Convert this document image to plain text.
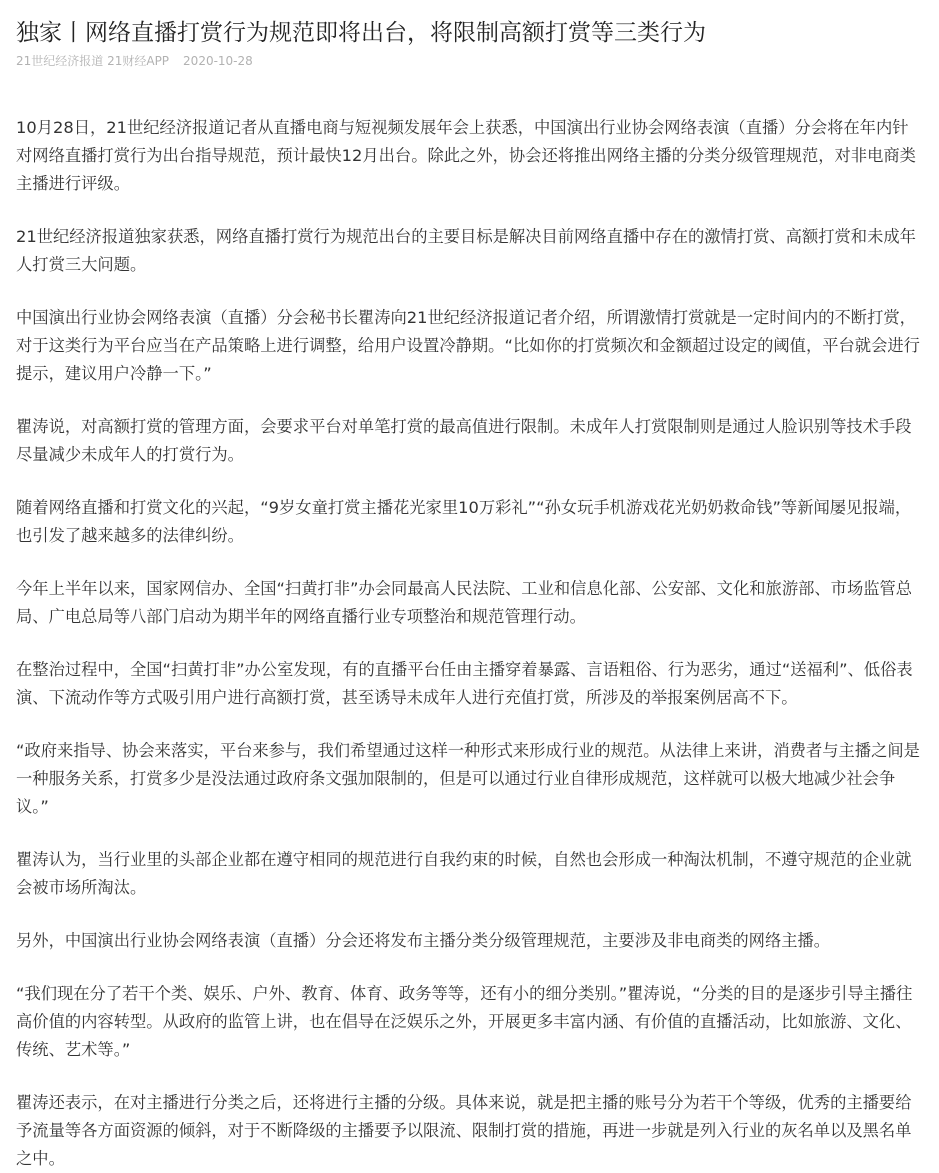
独家丨网络直播打赏行为规范即将出台，将限制高额打赏等三类行为
21世纪经济报道 21财经APP 2020-10-28

10月28日，21世纪经济报道记者从直播电商与短视频发展年会上获悉，中国演出行业协会网络表演（直播）分会将在年内针对网络直播打赏行为出台指导规范，预计最快12月出台。除此之外，协会还将推出网络主播的分类分级管理规范，对非电商类主播进行评级。

21世纪经济报道独家获悉，网络直播打赏行为规范出台的主要目标是解决目前网络直播中存在的激情打赏、高额打赏和未成年人打赏三大问题。

中国演出行业协会网络表演（直播）分会秘书长瞿涛向21世纪经济报道记者介绍，所谓激情打赏就是一定时间内的不断打赏，对于这类行为平台应当在产品策略上进行调整，给用户设置冷静期。“比如你的打赏频次和金额超过设定的阈值，平台就会进行提示，建议用户冷静一下。”

瞿涛说，对高额打赏的管理方面，会要求平台对单笔打赏的最高值进行限制。未成年人打赏限制则是通过人脸识别等技术手段尽量减少未成年人的打赏行为。

随着网络直播和打赏文化的兴起，“9岁女童打赏主播花光家里10万彩礼”“孙女玩手机游戏花光奶奶救命钱”等新闻屡见报端，也引发了越来越多的法律纠纷。

今年上半年以来，国家网信办、全国“扫黄打非”办会同最高人民法院、工业和信息化部、公安部、文化和旅游部、市场监管总局、广电总局等八部门启动为期半年的网络直播行业专项整治和规范管理行动。

在整治过程中，全国“扫黄打非”办公室发现，有的直播平台任由主播穿着暴露、言语粗俗、行为恶劣，通过“送福利”、低俗表演、下流动作等方式吸引用户进行高额打赏，甚至诱导未成年人进行充值打赏，所涉及的举报案例居高不下。

“政府来指导、协会来落实，平台来参与，我们希望通过这样一种形式来形成行业的规范。从法律上来讲，消费者与主播之间是一种服务关系，打赏多少是没法通过政府条文强加限制的，但是可以通过行业自律形成规范，这样就可以极大地减少社会争议。”

瞿涛认为，当行业里的头部企业都在遵守相同的规范进行自我约束的时候，自然也会形成一种淘汰机制，不遵守规范的企业就会被市场所淘汰。

另外，中国演出行业协会网络表演（直播）分会还将发布主播分类分级管理规范，主要涉及非电商类的网络主播。

“我们现在分了若干个类、娱乐、户外、教育、体育、政务等等，还有小的细分类别。”瞿涛说，“分类的目的是逐步引导主播往高价值的内容转型。从政府的监管上讲，也在倡导在泛娱乐之外，开展更多丰富内涵、有价值的直播活动，比如旅游、文化、传统、艺术等。”

瞿涛还表示，在对主播进行分类之后，还将进行主播的分级。具体来说，就是把主播的账号分为若干个等级，优秀的主播要给予流量等各方面资源的倾斜，对于不断降级的主播要予以限流、限制打赏的措施，再进一步就是列入行业的灰名单以及黑名单之中。
